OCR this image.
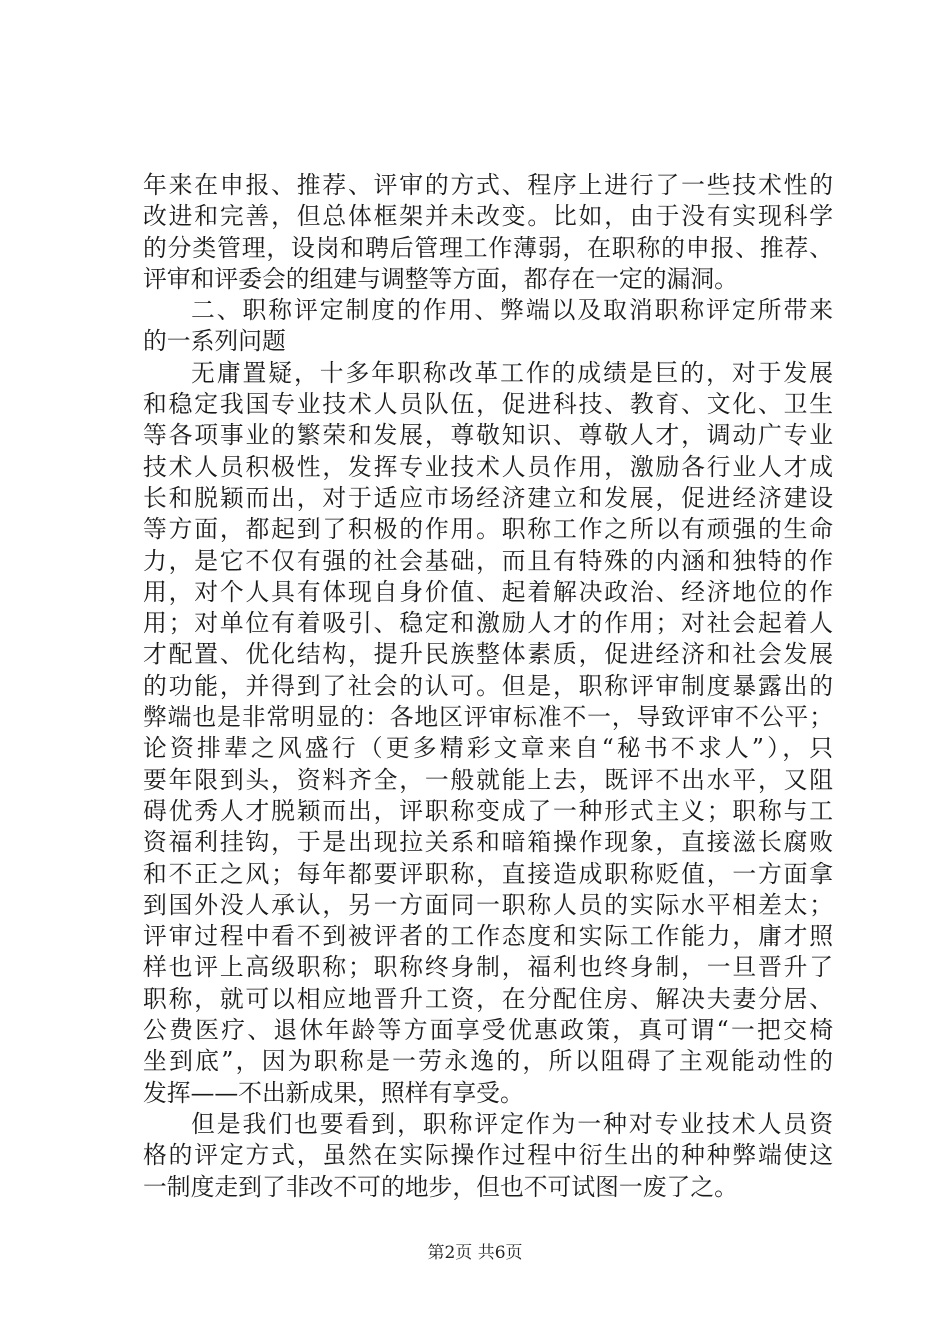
年来在申报、推荐、评审的方式、程序上进行了一些技术性的
改进和完善，但总体框架并未改变。比如，由于没有实现科学
的分类管理，设岗和聘后管理工作薄弱，在职称的申报、推荐、
评审和评委会的组建与调整等方面，都存在一定的漏洞。
二、职称评定制度的作用、弊端以及取消职称评定所带来
的一系列问题
无庸置疑，十多年职称改革工作的成绩是巨的，对于发展
和稳定我国专业技术人员队伍，促进科技、教育、文化、卫生
等各项事业的繁荣和发展，尊敬知识、尊敬人才，调动广专业
技术人员积极性，发挥专业技术人员作用，激励各行业人才成
长和脱颖而出，对于适应市场经济建立和发展，促进经济建设
等方面，都起到了积极的作用。职称工作之所以有顽强的生命
力，是它不仅有强的社会基础，而且有特殊的内涵和独特的作
用，对个人具有体现自身价值、起着解决政治、经济地位的作
用；对单位有着吸引、稳定和激励人才的作用；对社会起着人
才配置、优化结构，提升民族整体素质，促进经济和社会发展
的功能，并得到了社会的认可。但是，职称评审制度暴露出的
弊端也是非常明显的：各地区评审标准不一，导致评审不公平；
论资排辈之风盛行（更多精彩文章来自“秘书不求人”），只
要年限到头，资料齐全，一般就能上去，既评不出水平，又阻
碍优秀人才脱颖而出，评职称变成了一种形式主义；职称与工
资福利挂钩，于是出现拉关系和暗箱操作现象，直接滋长腐败
和不正之风；每年都要评职称，直接造成职称贬值，一方面拿
到国外没人承认，另一方面同一职称人员的实际水平相差太；
评审过程中看不到被评者的工作态度和实际工作能力，庸才照
样也评上高级职称；职称终身制，福利也终身制，一旦晋升了
职称，就可以相应地晋升工资，在分配住房、解决夫妻分居、
公费医疗、退休年龄等方面享受优惠政策，真可谓“一把交椅
坐到底”，因为职称是一劳永逸的，所以阻碍了主观能动性的
发挥——不出新成果，照样有享受。
但是我们也要看到，职称评定作为一种对专业技术人员资
格的评定方式，虽然在实际操作过程中衍生出的种种弊端使这
一制度走到了非改不可的地步，但也不可试图一废了之。
第2页 共6页
